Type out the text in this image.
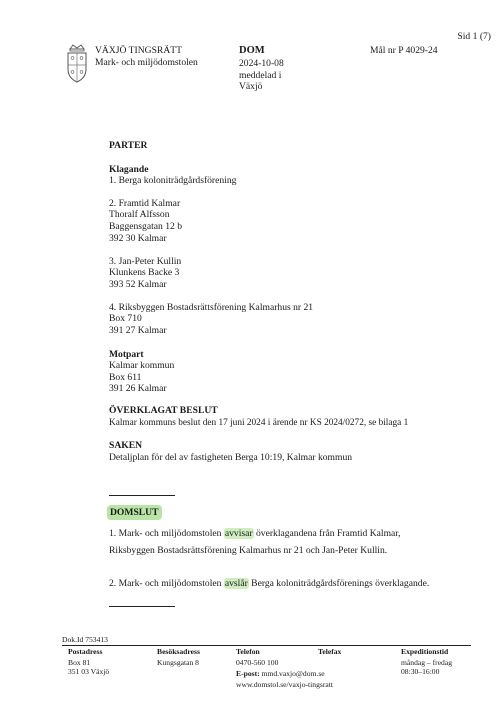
Sid 1 (7)
VÄXJÖ TINGSRÄTT
Mark- och miljödomstolen
DOM
2024-10-08
meddelad i
Växjö
Mål nr P 4029-24
PARTER
Klagande
1. Berga koloniträdgårdsförening
2. Framtid Kalmar
Thoralf Alfsson
Baggensgatan 12 b
392 30 Kalmar
3. Jan-Peter Kullin
Klunkens Backe 3
393 52 Kalmar
4. Riksbyggen Bostadsrättsförening Kalmarhus nr 21
Box 710
391 27 Kalmar
Motpart
Kalmar kommun
Box 611
391 26 Kalmar
ÖVERKLAGAT BESLUT
Kalmar kommuns beslut den 17 juni 2024 i ärende nr KS 2024/0272, se bilaga 1
SAKEN
Detaljplan för del av fastigheten Berga 10:19, Kalmar kommun
DOMSLUT
1. Mark- och miljödomstolen avvisar överklagandena från Framtid Kalmar,
Riksbyggen Bostadsrättsförening Kalmarhus nr 21 och Jan-Peter Kullin.
2. Mark- och miljödomstolen avslår Berga koloniträdgårdsförenings överklagande.
Dok.Id 753413
Postadress
Box 81
351 03 Växjö
Besöksadress
Kungsgatan 8
Telefon
0470-560 100
E-post: mmd.vaxjo@dom.se
www.domstol.se/vaxjo-tingsratt
Telefax	Expeditionstid
måndag – fredag
08:30–16:00
